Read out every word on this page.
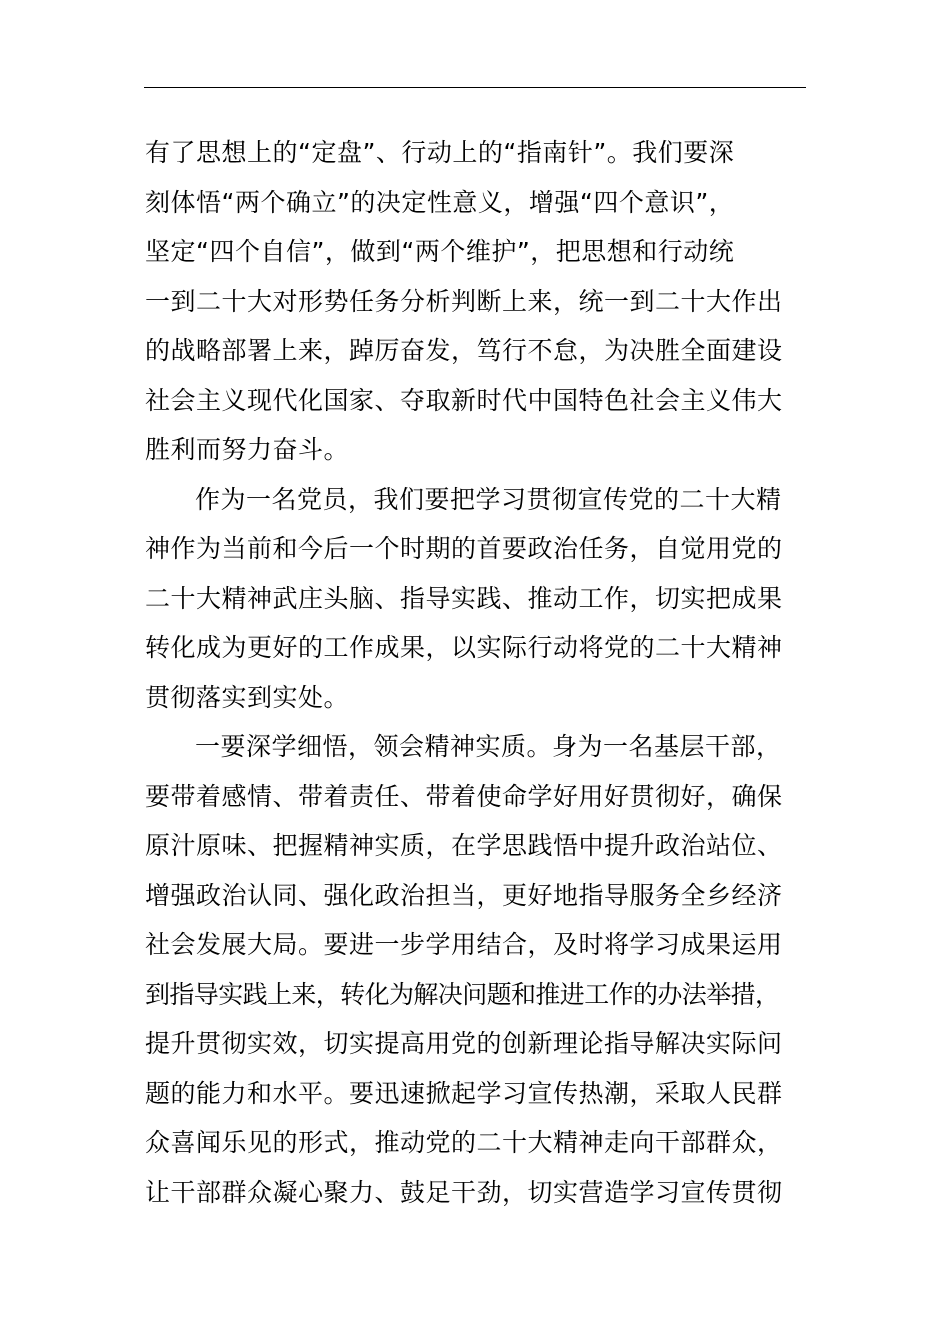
有了思想上的“定盘”、行动上的“指南针”。我们要深
刻体悟“两个确立”的决定性意义，增强“四个意识”，
坚定“四个自信”，做到“两个维护”，把思想和行动统
一到二十大对形势任务分析判断上来，统一到二十大作出
的战略部署上来，踔厉奋发，笃行不怠，为决胜全面建设
社会主义现代化国家、夺取新时代中国特色社会主义伟大
胜利而努力奋斗。
作为一名党员，我们要把学习贯彻宣传党的二十大精
神作为当前和今后一个时期的首要政治任务，自觉用党的
二十大精神武庄头脑、指导实践、推动工作，切实把成果
转化成为更好的工作成果，以实际行动将党的二十大精神
贯彻落实到实处。
一要深学细悟，领会精神实质。身为一名基层干部，
要带着感情、带着责任、带着使命学好用好贯彻好，确保
原汁原味、把握精神实质，在学思践悟中提升政治站位、
增强政治认同、强化政治担当，更好地指导服务全乡经济
社会发展大局。要进一步学用结合，及时将学习成果运用
到指导实践上来，转化为解决问题和推进工作的办法举措，
提升贯彻实效，切实提高用党的创新理论指导解决实际问
题的能力和水平。要迅速掀起学习宣传热潮，采取人民群
众喜闻乐见的形式，推动党的二十大精神走向干部群众，
让干部群众凝心聚力、鼓足干劲，切实营造学习宣传贯彻
